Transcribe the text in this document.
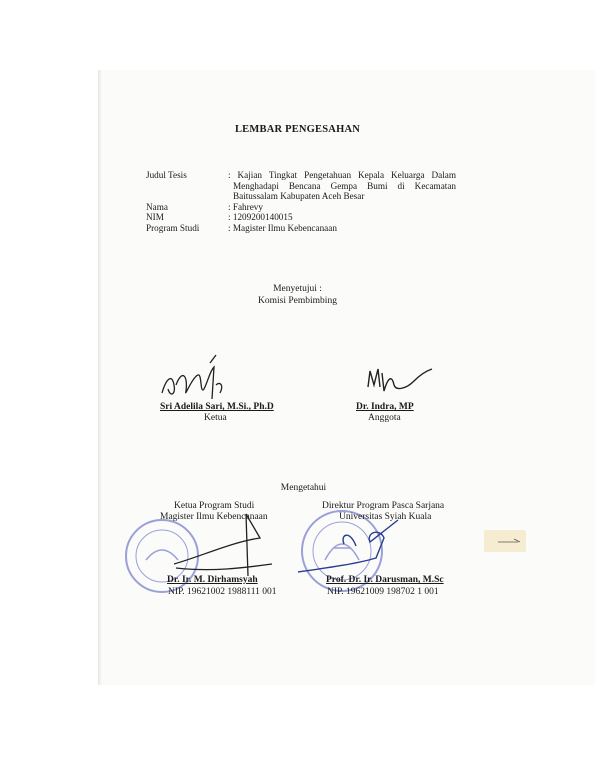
LEMBAR PENGESAHAN
Judul Tesis	: Kajian Tingkat Pengetahuan Kepala Keluarga Dalam
Menghadapi Bencana Gempa Bumi di Kecamatan
Baitussalam Kabupaten Aceh Besar
Nama	: Fahrevy
NIM	: 1209200140015
Program Studi	: Magister Ilmu Kebencanaan
Menyetujui :
Komisi Pembimbing
Sri Adelila Sari, M.Si., Ph.D
Ketua
Dr. Indra, MP
Anggota
Mengetahui
Ketua Program Studi
Magister Ilmu Kebencanaan
Dr. Ir. M. Dirhamsyah
NIP. 19621002 1988111 001
Direktur Program Pasca Sarjana
Universitas Syiah Kuala
Prof. Dr. Ir. Darusman, M.Sc
NIP. 19621009 198702 1 001
